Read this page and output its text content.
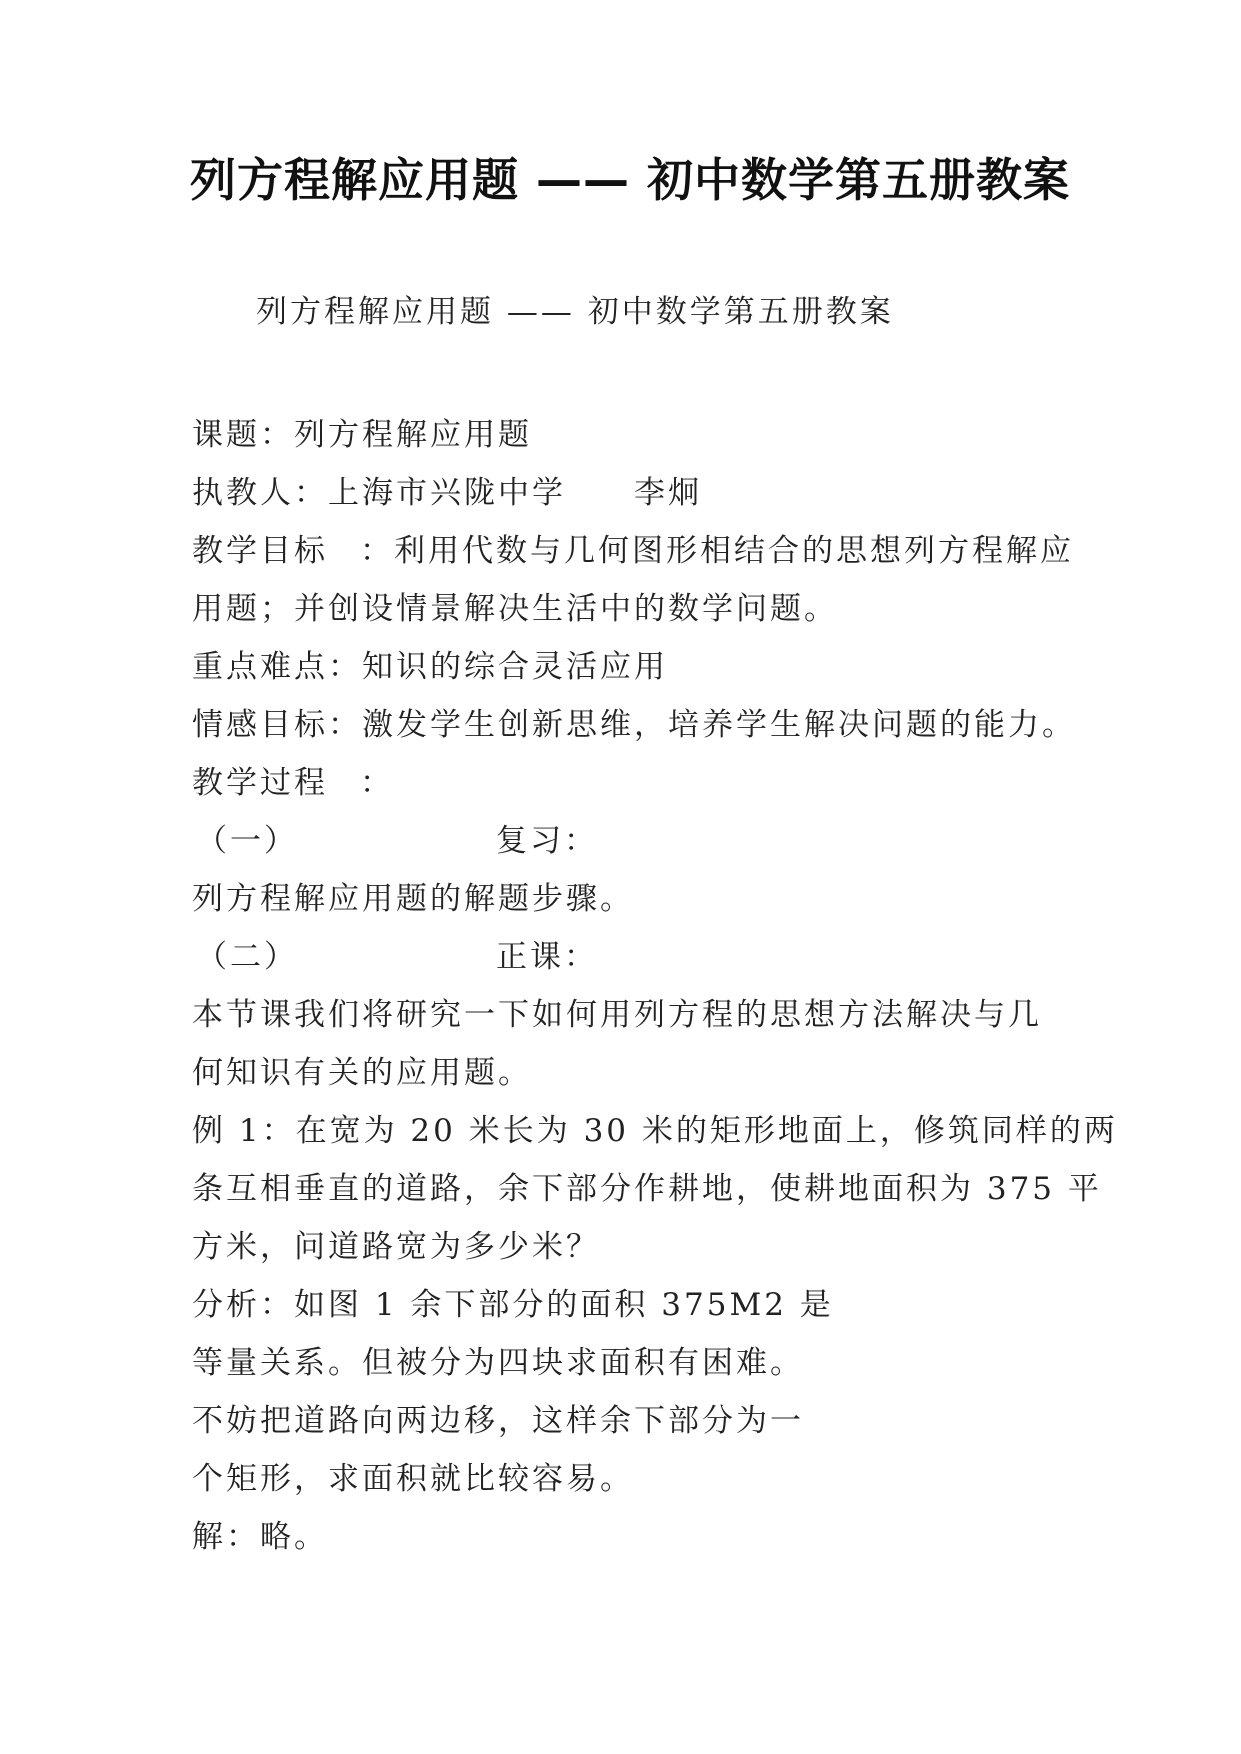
列方程解应用题 —— 初中数学第五册教案
列方程解应用题 —— 初中数学第五册教案
课题：列方程解应用题
执教人：上海市兴陇中学 李炯
教学目标 ：利用代数与几何图形相结合的思想列方程解应
用题；并创设情景解决生活中的数学问题。
重点难点：知识的综合灵活应用
情感目标：激发学生创新思维，培养学生解决问题的能力。
教学过程 ：
（一）	复习：
列方程解应用题的解题步骤。
（二）	正课：
本节课我们将研究一下如何用列方程的思想方法解决与几
何知识有关的应用题。
例 1：在宽为 20 米长为 30 米的矩形地面上，修筑同样的两
条互相垂直的道路，余下部分作耕地，使耕地面积为 375 平
方米，问道路宽为多少米？
分析：如图 1 余下部分的面积 375M2 是
等量关系。但被分为四块求面积有困难。
不妨把道路向两边移，这样余下部分为一
个矩形，求面积就比较容易。
解：略。
